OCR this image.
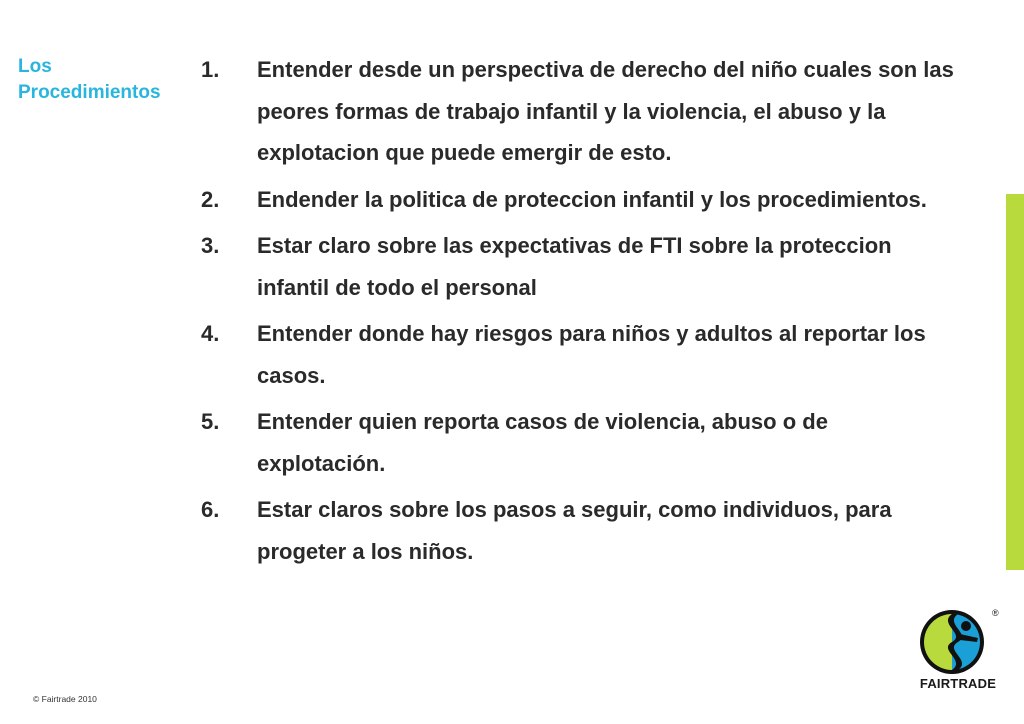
Los
Procedimientos
1. Entender desde un perspectiva de derecho del niño cuales son las peores formas de trabajo infantil y la violencia, el abuso y la explotacion que puede emergir de esto.
2. Endender la politica de proteccion infantil y los procedimientos.
3. Estar claro sobre las expectativas de FTI sobre la proteccion infantil de todo el personal
4. Entender donde hay riesgos para niños y adultos al reportar los casos.
5. Entender quien reporta casos de violencia, abuso o de explotación.
6. Estar claros sobre los pasos a seguir, como individuos, para progeter a los niños.
®
FAIRTRADE
© Fairtrade 2010
